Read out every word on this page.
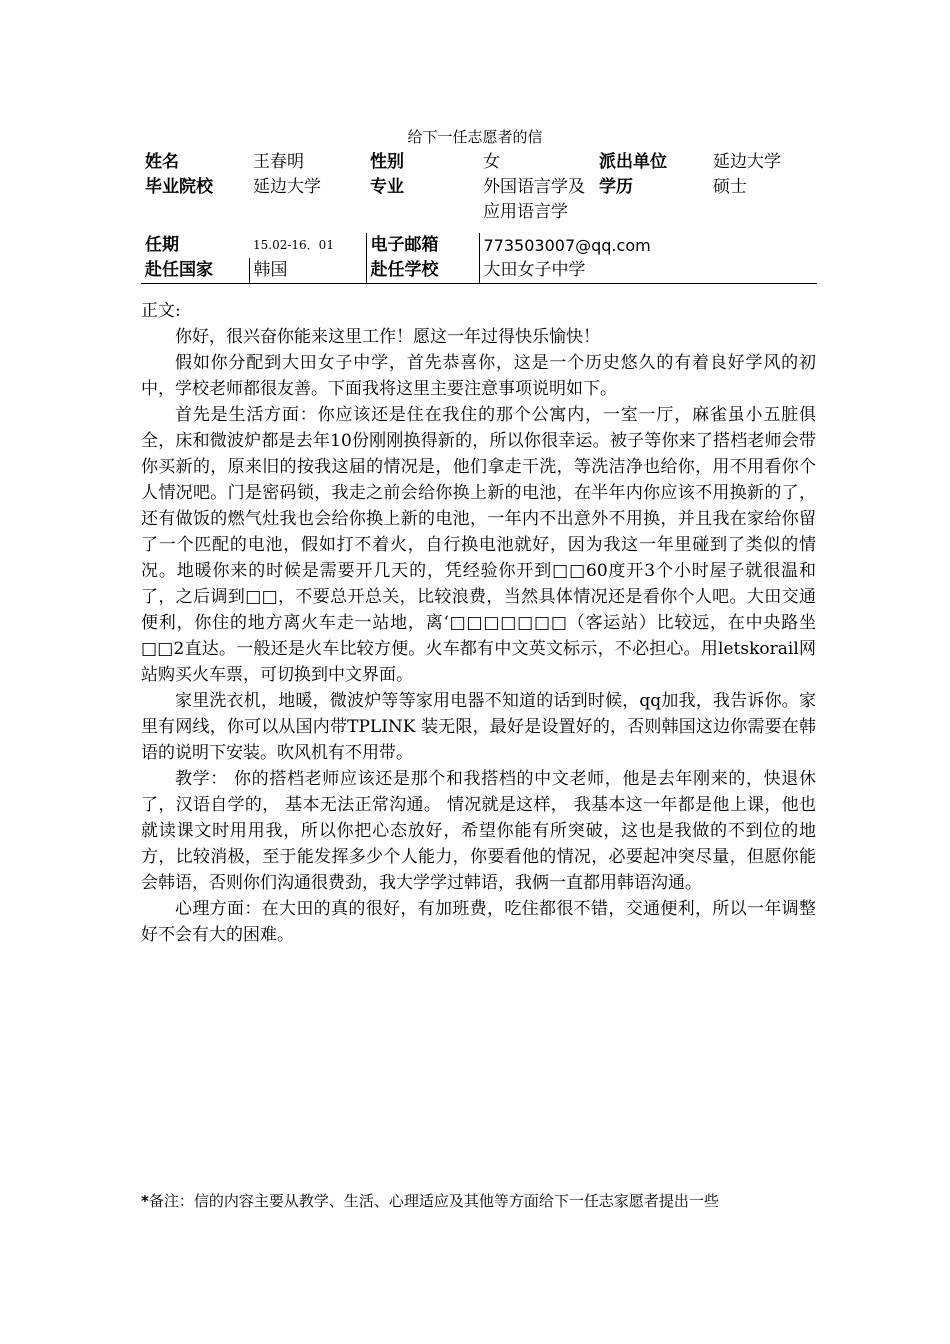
给下一任志愿者的信
姓名	王春明	性别	女	派出单位	延边大学
毕业院校	延边大学	专业	外国语言学及应用语言学	学历	硕士

任期	15.02-16．01	电子邮箱	773503007@qq.com		
赴任国家	韩国	赴任学校	大田女子中学		

正文:

你好，很兴奋你能来这里工作！愿这一年过得快乐愉快！

假如你分配到大田女子中学，首先恭喜你，这是一个历史悠久的有着良好学风的初中，学校老师都很友善。下面我将这里主要注意事项说明如下。

首先是生活方面：你应该还是住在我住的那个公寓内，一室一厅，麻雀虽小五脏俱全，床和微波炉都是去年10份刚刚换得新的，所以你很幸运。被子等你来了搭档老师会带你买新的，原来旧的按我这届的情况是，他们拿走干洗，等洗洁净也给你，用不用看你个人情况吧。门是密码锁，我走之前会给你换上新的电池，在半年内你应该不用换新的了，还有做饭的燃气灶我也会给你换上新的电池，一年内不出意外不用换，并且我在家给你留了一个匹配的电池，假如打不着火，自行换电池就好，因为我这一年里碰到了类似的情况。地暖你来的时候是需要开几天的，凭经验你开到□□60度开3个小时屋子就很温和了，之后调到□□，不要总开总关，比较浪费，当然具体情况还是看你个人吧。大田交通便利，你住的地方离火车走一站地，离‘□□□□□□□（客运站）比较远，在中央路坐□□2直达。一般还是火车比较方便。火车都有中文英文标示，不必担心。用letskorail网站购买火车票，可切换到中文界面。

家里洗衣机，地暖，微波炉等等家用电器不知道的话到时候，qq加我，我告诉你。家里有网线，你可以从国内带TPLINK 装无限，最好是设置好的，否则韩国这边你需要在韩语的说明下安装。吹风机有不用带。

教学： 你的搭档老师应该还是那个和我搭档的中文老师，他是去年刚来的，快退休了，汉语自学的， 基本无法正常沟通。 情况就是这样， 我基本这一年都是他上课，他也就读课文时用用我，所以你把心态放好，希望你能有所突破，这也是我做的不到位的地方，比较消极，至于能发挥多少个人能力，你要看他的情况，必要起冲突尽量，但愿你能会韩语，否则你们沟通很费劲，我大学学过韩语，我俩一直都用韩语沟通。

心理方面：在大田的真的很好，有加班费，吃住都很不错，交通便利，所以一年调整好不会有大的困难。

*备注：信的内容主要从教学、生活、心理适应及其他等方面给下一任志家愿者提出一些
